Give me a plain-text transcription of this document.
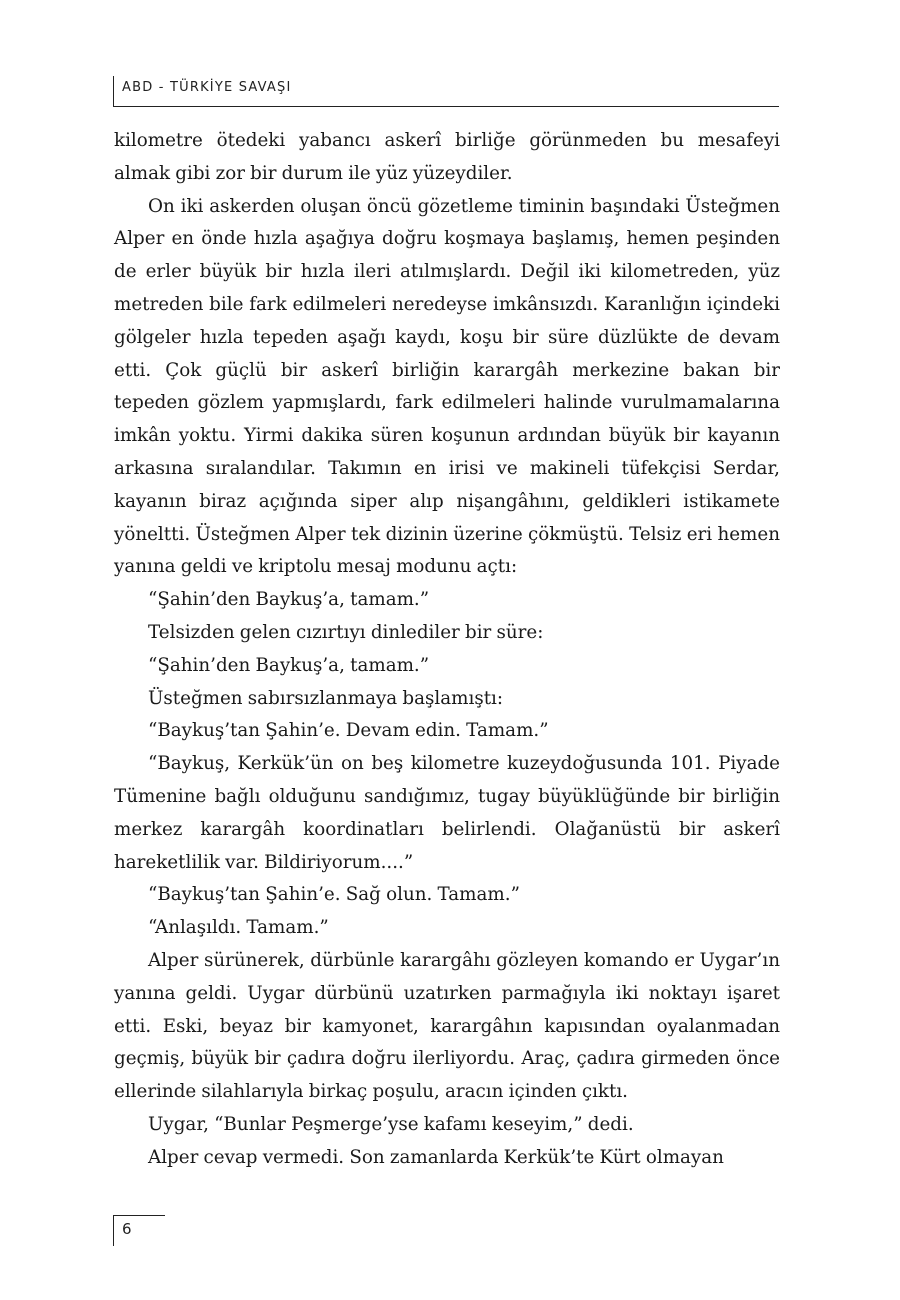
ABD - TÜRKİYE SAVAŞI

kilometre ötedeki yabancı askerî birliğe görünmeden bu mesafeyi almak gibi zor bir durum ile yüz yüzeydiler.

On iki askerden oluşan öncü gözetleme timinin başındaki Üsteğmen Alper en önde hızla aşağıya doğru koşmaya başlamış, hemen peşinden de erler büyük bir hızla ileri atılmışlardı. Değil iki kilometreden, yüz metreden bile fark edilmeleri neredeyse imkânsızdı. Karanlığın içindeki gölgeler hızla tepeden aşağı kaydı, koşu bir süre düzlükte de devam etti. Çok güçlü bir askerî birliğin karargâh merkezine bakan bir tepeden gözlem yapmışlardı, fark edilmeleri halinde vurulmamalarına imkân yoktu. Yirmi dakika süren koşunun ardından büyük bir kayanın arkasına sıralandılar. Takımın en irisi ve makineli tüfekçisi Serdar, kayanın biraz açığında siper alıp nişangâhını, geldikleri istikamete yöneltti. Üsteğmen Alper tek dizinin üzerine çökmüştü. Telsiz eri hemen yanına geldi ve kriptolu mesaj modunu açtı:

“Şahin’den Baykuş’a, tamam.”

Telsizden gelen cızırtıyı dinlediler bir süre:

“Şahin’den Baykuş’a, tamam.”

Üsteğmen sabırsızlanmaya başlamıştı:

“Baykuş’tan Şahin’e. Devam edin. Tamam.”

“Baykuş, Kerkük’ün on beş kilometre kuzeydoğusunda 101. Piyade Tümenine bağlı olduğunu sandığımız, tugay büyüklüğünde bir birliğin merkez karargâh koordinatları belirlendi. Olağanüstü bir askerî hareketlilik var. Bildiriyorum....”

“Baykuş’tan Şahin’e. Sağ olun. Tamam.”

“Anlaşıldı. Tamam.”

Alper sürünerek, dürbünle karargâhı gözleyen komando er Uygar’ın yanına geldi. Uygar dürbünü uzatırken parmağıyla iki noktayı işaret etti. Eski, beyaz bir kamyonet, karargâhın kapısından oyalanmadan geçmiş, büyük bir çadıra doğru ilerliyordu. Araç, çadıra girmeden önce ellerinde silahlarıyla birkaç poşulu, aracın içinden çıktı.

Uygar, “Bunlar Peşmerge’yse kafamı keseyim,” dedi.

Alper cevap vermedi. Son zamanlarda Kerkük’te Kürt olmayan

6
